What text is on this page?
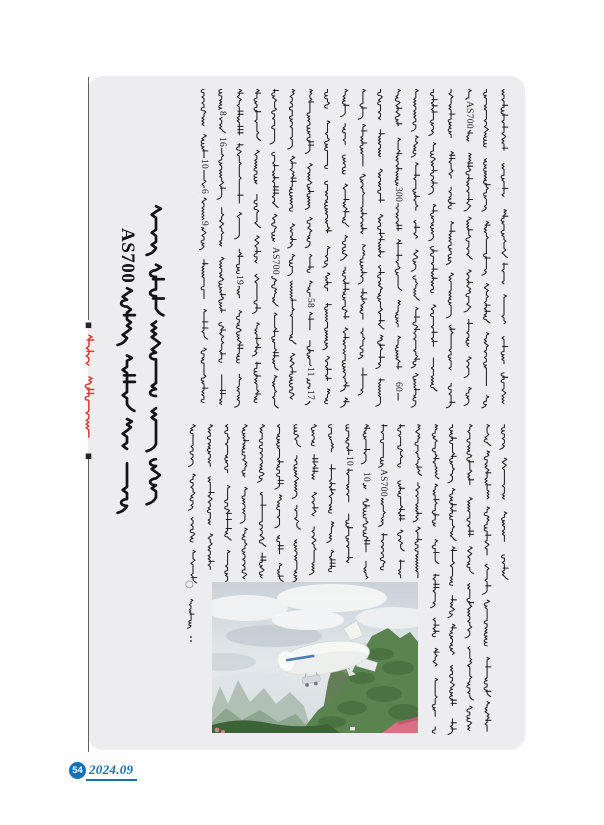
AS700
300
60
58
11
17
AS700
19
8
16
10
6
9
AS700
10
10
AS700
○
54 2024.09
